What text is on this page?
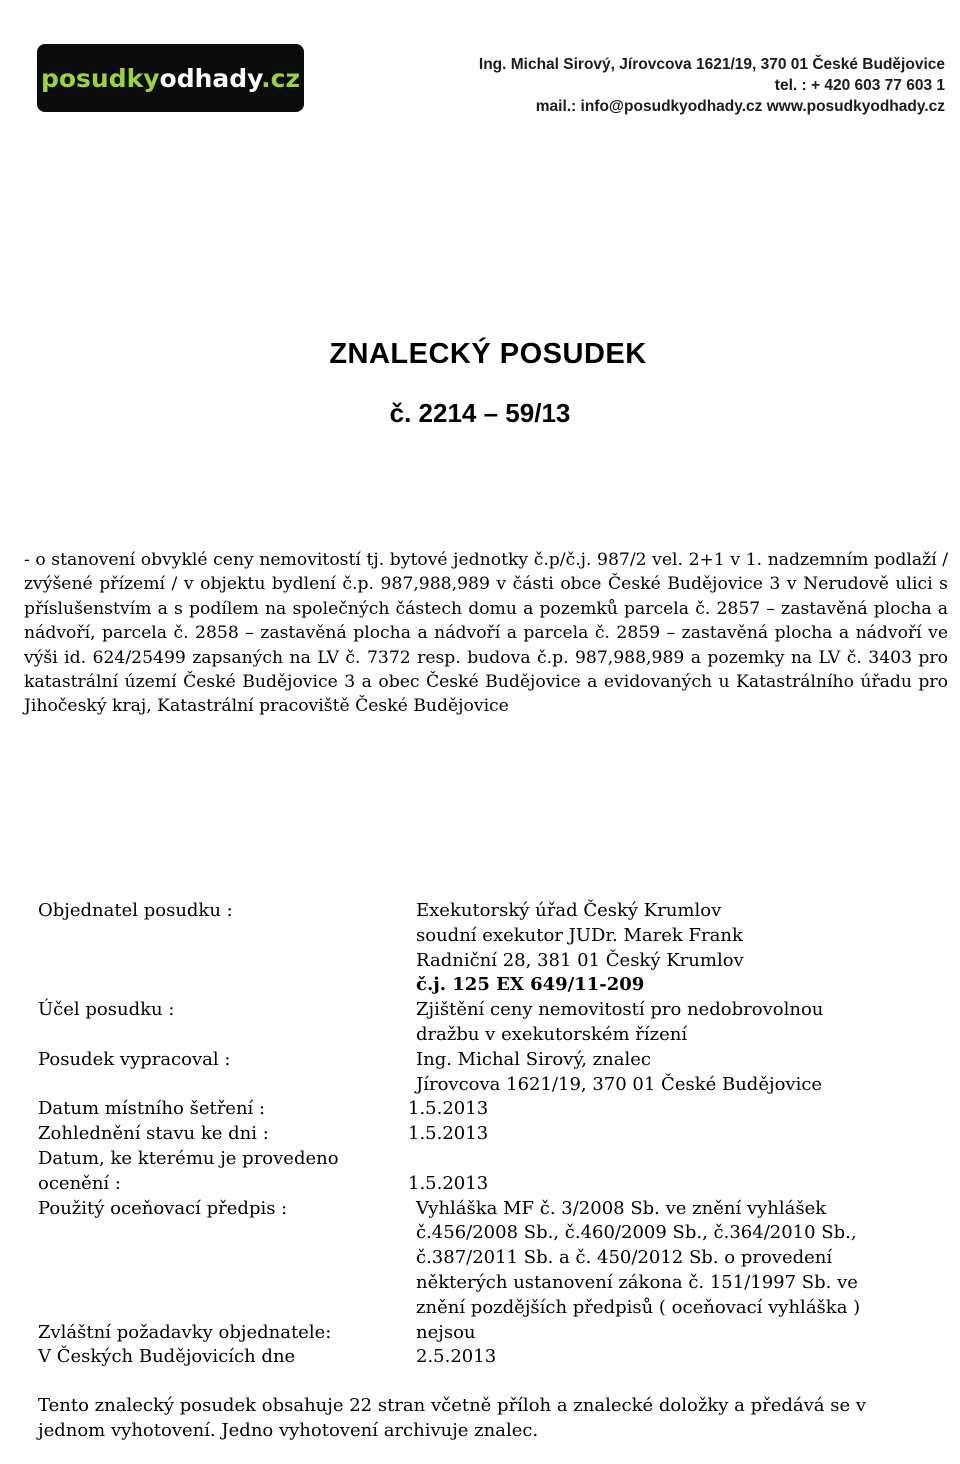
posudkyodhady.cz	Ing. Michal Sirový, Jírovcova 1621/19, 370 01 České Budějovice
tel. : + 420 603 77 603 1
mail.: info@posudkyodhady.cz www.posudkyodhady.cz
ZNALECKÝ POSUDEK
č. 2214 – 59/13
- o stanovení obvyklé ceny nemovitostí tj. bytové jednotky č.p/č.j. 987/2 vel. 2+1 v 1. nadzemním podlaží / zvýšené přízemí / v objektu bydlení č.p. 987,988,989 v části obce České Budějovice 3 v Nerudově ulici s příslušenstvím a s podílem na společných částech domu a pozemků parcela č. 2857 – zastavěná plocha a nádvoří, parcela č. 2858 – zastavěná plocha a nádvoří a parcela č. 2859 – zastavěná plocha a nádvoří ve výši id. 624/25499 zapsaných na LV č. 7372 resp. budova č.p. 987,988,989 a pozemky na LV č. 3403 pro katastrální území České Budějovice 3 a obec České Budějovice a evidovaných u Katastrálního úřadu pro Jihočeský kraj, Katastrální pracoviště České Budějovice
Objednatel posudku :	Exekutorský úřad Český Krumlov
soudní exekutor JUDr. Marek Frank
Radniční 28, 381 01 Český Krumlov
č.j. 125 EX 649/11-209
Účel posudku :	Zjištění ceny nemovitostí pro nedobrovolnou
dražbu v exekutorském řízení
Posudek vypracoval :	Ing. Michal Sirový, znalec
Jírovcova 1621/19, 370 01 České Budějovice
Datum místního šetření :	1.5.2013
Zohlednění stavu ke dni :	1.5.2013
Datum, ke kterému je provedeno
ocenění :
	1.5.2013
Použitý oceňovací předpis :	Vyhláška MF č. 3/2008 Sb. ve znění vyhlášek
č.456/2008 Sb., č.460/2009 Sb., č.364/2010 Sb.,
č.387/2011 Sb. a č. 450/2012 Sb. o provedení
některých ustanovení zákona č. 151/1997 Sb. ve
znění pozdějších předpisů ( oceňovací vyhláška )
Zvláštní požadavky objednatele:	nejsou
V Českých Budějovicích dne	2.5.2013
Tento znalecký posudek obsahuje 22 stran včetně příloh a znalecké doložky a předává se v jednom vyhotovení. Jedno vyhotovení archivuje znalec.
